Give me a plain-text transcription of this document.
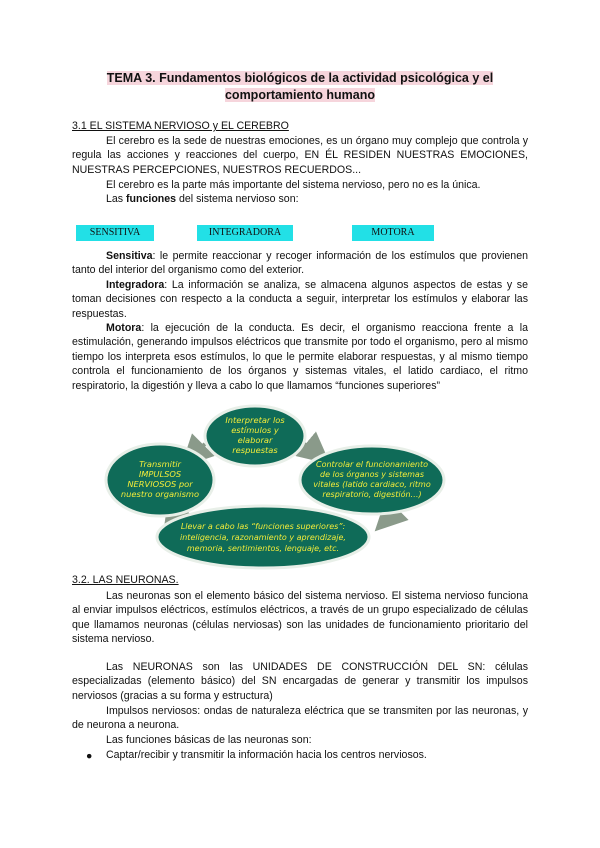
TEMA 3. Fundamentos biológicos de la actividad psicológica y el
comportamiento humano
3.1 EL SISTEMA NERVIOSO y EL CEREBRO
El cerebro es la sede de nuestras emociones, es un órgano muy complejo que controla y regula las acciones y reacciones del cuerpo, EN ÉL RESIDEN NUESTRAS EMOCIONES, NUESTRAS PERCEPCIONES, NUESTROS RECUERDOS...
El cerebro es la parte más importante del sistema nervioso, pero no es la única.
Las funciones del sistema nervioso son:
SENSITIVA	INTEGRADORA	MOTORA
Sensitiva: le permite reaccionar y recoger información de los estímulos que provienen tanto del interior del organismo como del exterior.
Integradora: La información se analiza, se almacena algunos aspectos de estas y se toman decisiones con respecto a la conducta a seguir, interpretar los estímulos y elaborar las respuestas.
Motora: la ejecución de la conducta. Es decir, el organismo reacciona frente a la estimulación, generando impulsos eléctricos que transmite por todo el organismo, pero al mismo tiempo los interpreta esos estímulos, lo que le permite elaborar respuestas, y al mismo tiempo controla el funcionamiento de los órganos y sistemas vitales, el latido cardiaco, el ritmo respiratorio, la digestión y lleva a cabo lo que llamamos “funciones superiores”
Interpretar los
estímulos y
elaborar
respuestas
Transmitir
IMPULSOS
NERVIOSOS por
nuestro organismo
Controlar el funcionamiento
de los órganos y sistemas
vitales (latido cardiaco, ritmo
respiratorio, digestión…)
Llevar a cabo las “funciones superiores”:
inteligencia, razonamiento y aprendizaje,
memoria, sentimientos, lenguaje, etc.
3.2. LAS NEURONAS.
Las neuronas son el elemento básico del sistema nervioso. El sistema nervioso funciona al enviar impulsos eléctricos, estímulos eléctricos, a través de un grupo especializado de células que llamamos neuronas (células nerviosas) son las unidades de funcionamiento prioritario del sistema nervioso.
Las NEURONAS son las UNIDADES DE CONSTRUCCIÓN DEL SN: células especializadas (elemento básico) del SN encargadas de generar y transmitir los impulsos nerviosos (gracias a su forma y estructura)
Impulsos nerviosos: ondas de naturaleza eléctrica que se transmiten por las neuronas, y de neurona a neurona.
Las funciones básicas de las neuronas son:
● Captar/recibir y transmitir la información hacia los centros nerviosos.
